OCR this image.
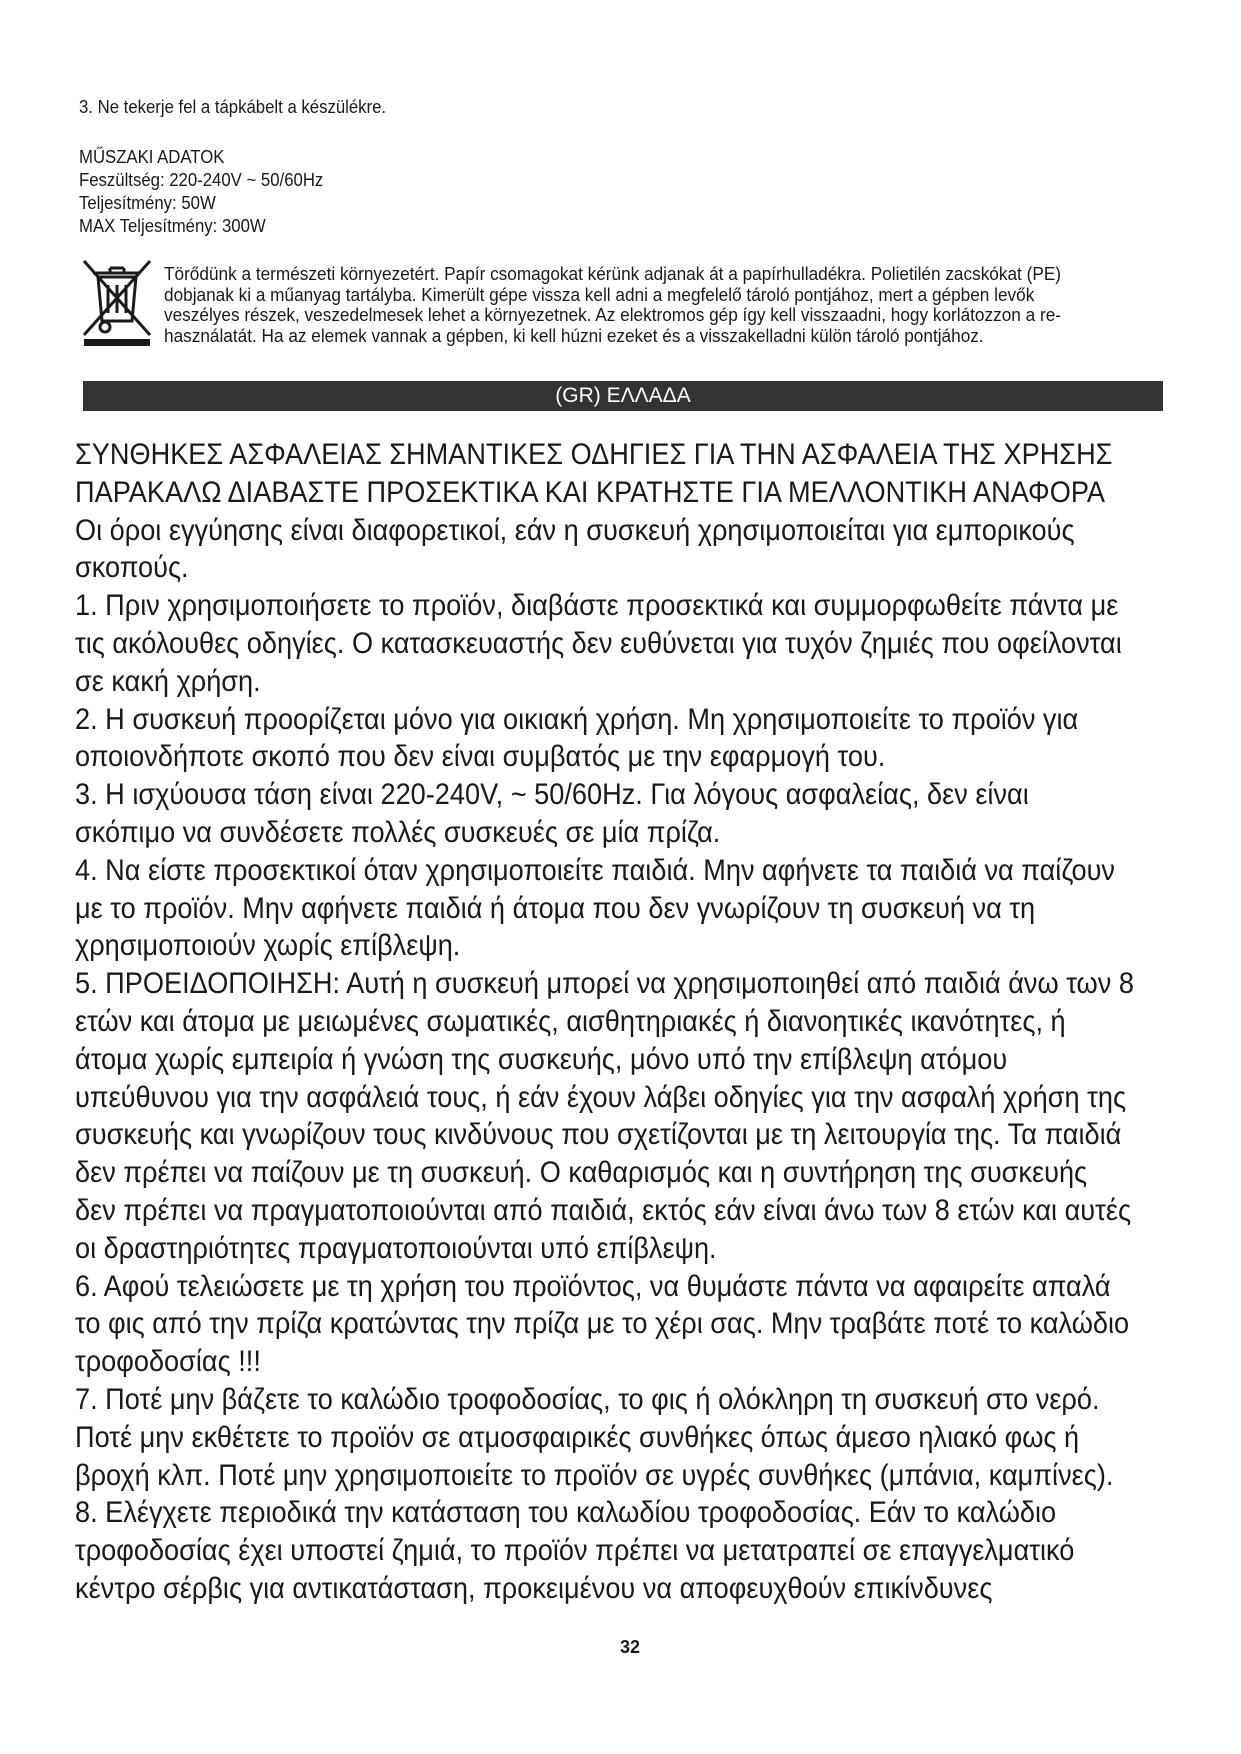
3. Ne tekerje fel a tápkábelt a készülékre.
MŰSZAKI ADATOK
Feszültség: 220-240V ~ 50/60Hz
Teljesítmény: 50W
MAX Teljesítmény: 300W
Törődünk a természeti környezetért. Papír csomagokat kérünk adjanak át a papírhulladékra. Polietilén zacskókat (PE)
dobjanak ki a műanyag tartályba. Kimerült gépe vissza kell adni a megfelelő tároló pontjához, mert a gépben levők
veszélyes részek, veszedelmesek lehet a környezetnek. Az elektromos gép így kell visszaadni, hogy korlátozzon a re-
használatát. Ha az elemek vannak a gépben, ki kell húzni ezeket és a visszakelladni külön tároló pontjához.
(GR) ΕΛΛΑΔΑ
ΣΥΝΘΗΚΕΣ ΑΣΦΑΛΕΙΑΣ ΣΗΜΑΝΤΙΚΕΣ ΟΔΗΓΙΕΣ ΓΙΑ ΤΗΝ ΑΣΦΑΛΕΙΑ ΤΗΣ ΧΡΗΣΗΣ
ΠΑΡΑΚΑΛΩ ΔΙΑΒΑΣΤΕ ΠΡΟΣΕΚΤΙΚΑ ΚΑΙ ΚΡΑΤΗΣΤΕ ΓΙΑ ΜΕΛΛΟΝΤΙΚΗ ΑΝΑΦΟΡΑ
Οι όροι εγγύησης είναι διαφορετικοί, εάν η συσκευή χρησιμοποιείται για εμπορικούς
σκοπούς.
1. Πριν χρησιμοποιήσετε το προϊόν, διαβάστε προσεκτικά και συμμορφωθείτε πάντα με
τις ακόλουθες οδηγίες. Ο κατασκευαστής δεν ευθύνεται για τυχόν ζημιές που οφείλονται
σε κακή χρήση.
2. Η συσκευή προορίζεται μόνο για οικιακή χρήση. Μη χρησιμοποιείτε το προϊόν για
οποιονδήποτε σκοπό που δεν είναι συμβατός με την εφαρμογή του.
3. Η ισχύουσα τάση είναι 220-240V, ~ 50/60Hz. Για λόγους ασφαλείας, δεν είναι
σκόπιμο να συνδέσετε πολλές συσκευές σε μία πρίζα.
4. Να είστε προσεκτικοί όταν χρησιμοποιείτε παιδιά. Μην αφήνετε τα παιδιά να παίζουν
με το προϊόν. Μην αφήνετε παιδιά ή άτομα που δεν γνωρίζουν τη συσκευή να τη
χρησιμοποιούν χωρίς επίβλεψη.
5. ΠΡΟΕΙΔΟΠΟΙΗΣΗ: Αυτή η συσκευή μπορεί να χρησιμοποιηθεί από παιδιά άνω των 8
ετών και άτομα με μειωμένες σωματικές, αισθητηριακές ή διανοητικές ικανότητες, ή
άτομα χωρίς εμπειρία ή γνώση της συσκευής, μόνο υπό την επίβλεψη ατόμου
υπεύθυνου για την ασφάλειά τους, ή εάν έχουν λάβει οδηγίες για την ασφαλή χρήση της
συσκευής και γνωρίζουν τους κινδύνους που σχετίζονται με τη λειτουργία της. Τα παιδιά
δεν πρέπει να παίζουν με τη συσκευή. Ο καθαρισμός και η συντήρηση της συσκευής
δεν πρέπει να πραγματοποιούνται από παιδιά, εκτός εάν είναι άνω των 8 ετών και αυτές
οι δραστηριότητες πραγματοποιούνται υπό επίβλεψη.
6. Αφού τελειώσετε με τη χρήση του προϊόντος, να θυμάστε πάντα να αφαιρείτε απαλά
το φις από την πρίζα κρατώντας την πρίζα με το χέρι σας. Μην τραβάτε ποτέ το καλώδιο
τροφοδοσίας !!!
7. Ποτέ μην βάζετε το καλώδιο τροφοδοσίας, το φις ή ολόκληρη τη συσκευή στο νερό.
Ποτέ μην εκθέτετε το προϊόν σε ατμοσφαιρικές συνθήκες όπως άμεσο ηλιακό φως ή
βροχή κλπ. Ποτέ μην χρησιμοποιείτε το προϊόν σε υγρές συνθήκες (μπάνια, καμπίνες).
8. Ελέγχετε περιοδικά την κατάσταση του καλωδίου τροφοδοσίας. Εάν το καλώδιο
τροφοδοσίας έχει υποστεί ζημιά, το προϊόν πρέπει να μετατραπεί σε επαγγελματικό
κέντρο σέρβις για αντικατάσταση, προκειμένου να αποφευχθούν επικίνδυνες
32
